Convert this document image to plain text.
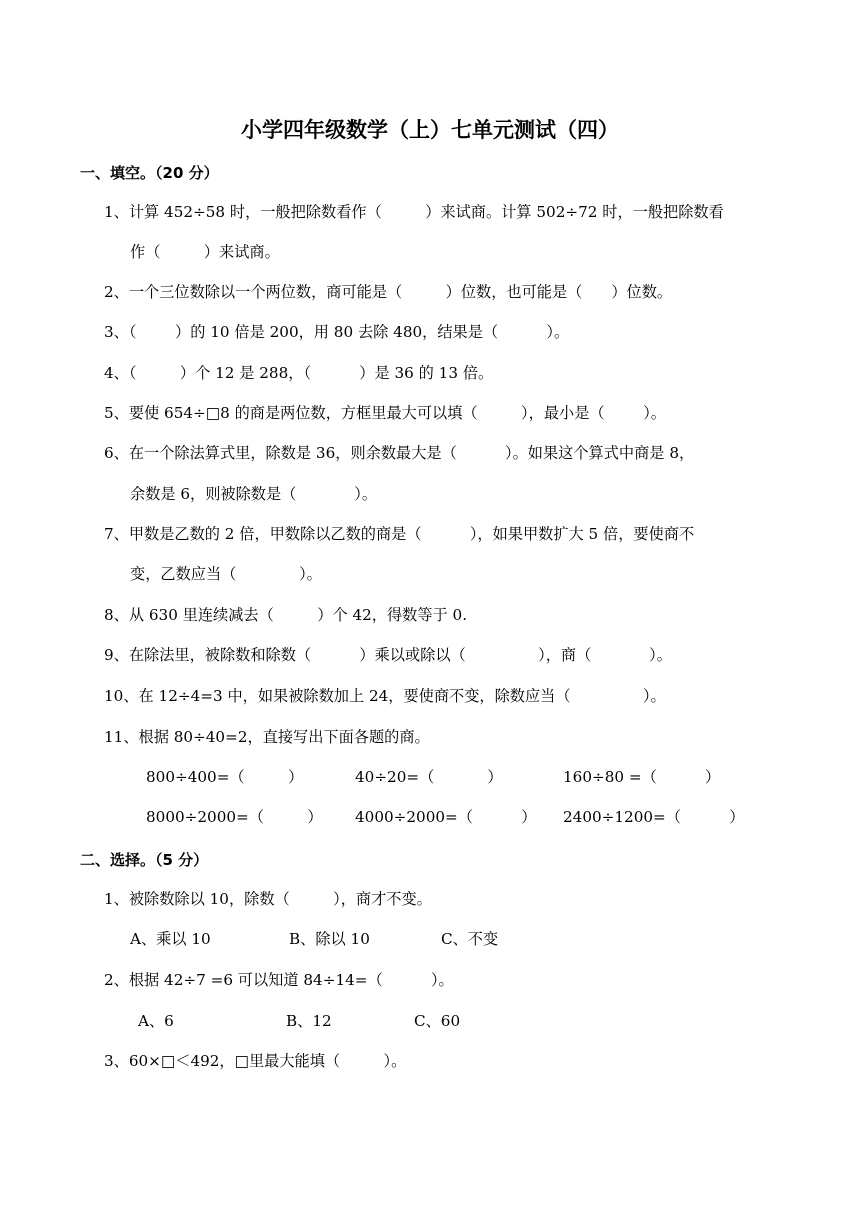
小学四年级数学（上）七单元测试（四）
一、填空。（20 分）
1、计算 452÷58 时，一般把除数看作（         ）来试商。计算 502÷72 时，一般把除数看
作（         ）来试商。
2、一个三位数除以一个两位数，商可能是（         ）位数，也可能是（      ）位数。
3、（        ）的 10 倍是 200，用 80 去除 480，结果是（          ）。
4、（         ）个 12 是 288，（          ）是 36 的 13 倍。
5、要使 654÷□8 的商是两位数，方框里最大可以填（         ），最小是（        ）。
6、在一个除法算式里，除数是 36，则余数最大是（          ）。如果这个算式中商是 8，
余数是 6，则被除数是（            ）。
7、甲数是乙数的 2 倍，甲数除以乙数的商是（          ），如果甲数扩大 5 倍，要使商不
变，乙数应当（             ）。
8、从 630 里连续减去（         ）个 42，得数等于 0.
9、在除法里，被除数和除数（          ）乘以或除以（               ），商（            ）。
10、在 12÷4=3 中，如果被除数加上 24，要使商不变，除数应当（               ）。
11、根据 80÷40=2，直接写出下面各题的商。
800÷400=（         ）	40÷20=（           ）	160÷80 =（          ）
8000÷2000=（         ） 4000÷2000=（          ） 2400÷1200=（          ）
二、选择。（5 分）
1、被除数除以 10，除数（         ），商才不变。
A、乘以 10	B、除以 10	C、不变
2、根据 42÷7 =6 可以知道 84÷14=（          ）。
A、6	B、12	C、60
3、60×□＜492，□里最大能填（         ）。
